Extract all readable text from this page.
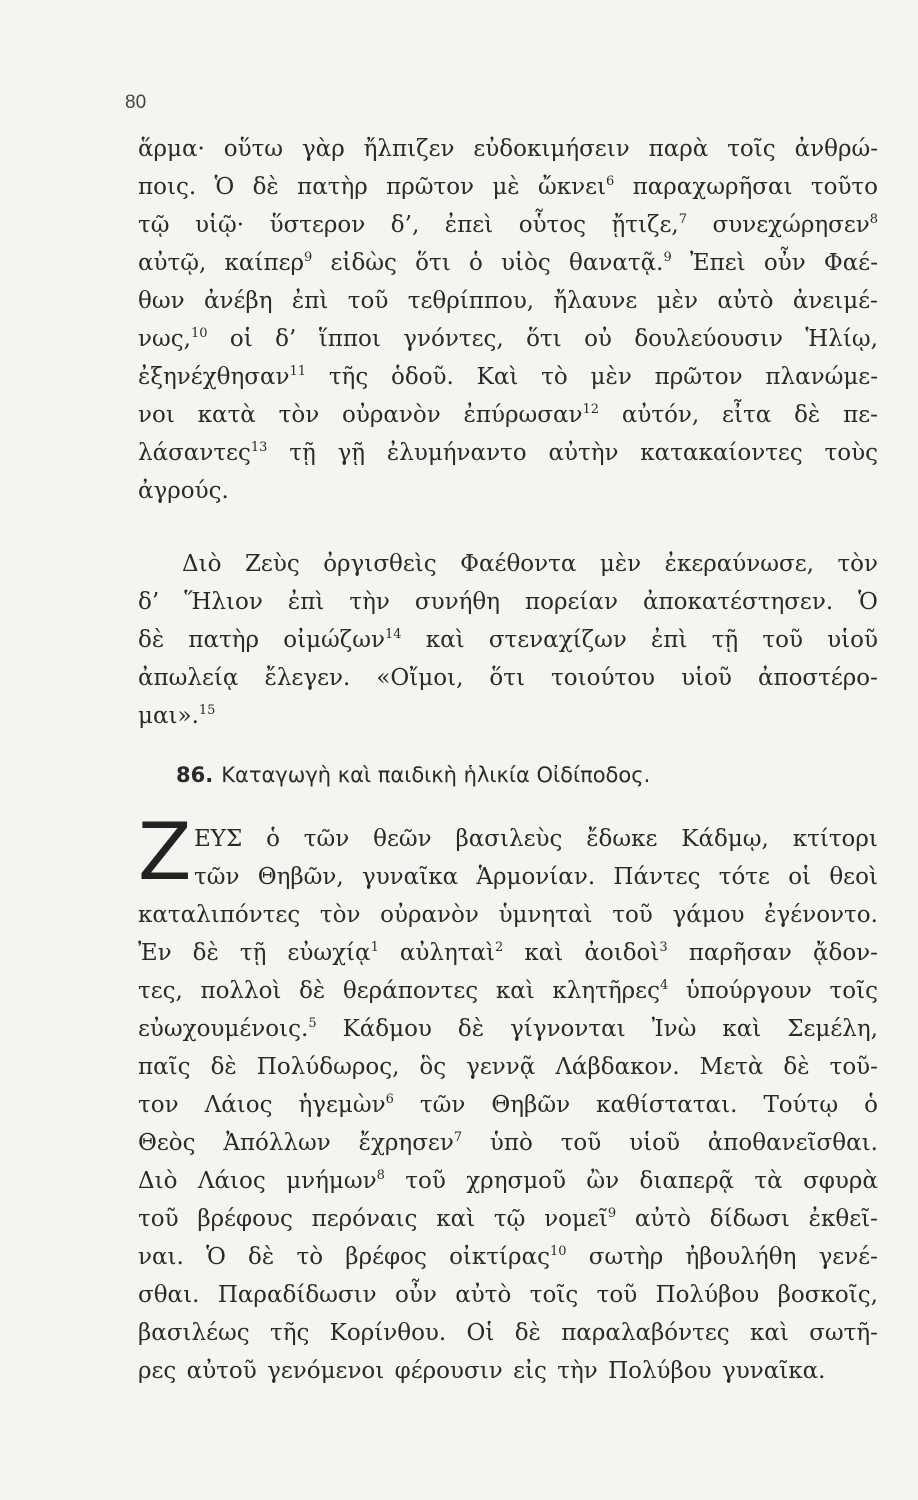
80
ἅρμα· οὕτω γὰρ ἤλπιζεν εὐδοκιμήσειν παρὰ τοῖς ἀνθρώ-
ποις. Ὁ δὲ πατὴρ πρῶτον μὲ ὤκνει$^6$ παραχωρῆσαι τοῦτο
τῷ υἱῷ· ὕστερον δ’, ἐπεὶ οὗτος ᾔτιζε,$^7$ συνεχώρησεν$^8$
αὐτῷ, καίπερ$^9$ εἰδὼς ὅτι ὁ υἱὸς θανατᾷ.$^9$ Ἐπεὶ οὖν Φαέ-
θων ἀνέβη ἐπὶ τοῦ τεθρίππου, ἤλαυνε μὲν αὐτὸ ἀνειμέ-
νως,$^{10}$ οἱ δ’ ἵπποι γνόντες, ὅτι οὐ δουλεύουσιν Ἡλίῳ,
ἐξηνέχθησαν$^{11}$ τῆς ὁδοῦ. Καὶ τὸ μὲν πρῶτον πλανώμε-
νοι κατὰ τὸν οὐρανὸν ἐπύρωσαν$^{12}$ αὐτόν, εἶτα δὲ πε-
λάσαντες$^{13}$ τῇ γῇ ἐλυμήναντο αὐτὴν κατακαίοντες τοὺς
ἀγρούς.
Διὸ Ζεὺς ὀργισθεὶς Φαέθοντα μὲν ἐκεραύνωσε, τὸν
δ’ Ἥλιον ἐπὶ τὴν συνήθη πορείαν ἀποκατέστησεν. Ὁ
δὲ πατὴρ οἰμώζων$^{14}$ καὶ στεναχίζων ἐπὶ τῇ τοῦ υἱοῦ
ἀπωλείᾳ ἔλεγεν. «Οἴμοι, ὅτι τοιούτου υἱοῦ ἀποστέρο-
μαι».$^{15}$
86. Καταγωγὴ καὶ παιδικὴ ἡλικία Οἰδίποδος.
Ζ ΕΥΣ ὁ τῶν θεῶν βασιλεὺς ἔδωκε Κάδμῳ, κτίτορι
τῶν Θηβῶν, γυναῖκα Ἁρμονίαν. Πάντες τότε οἱ θεοὶ
καταλιπόντες τὸν οὐρανὸν ὑμνηταὶ τοῦ γάμου ἐγένοντο.
Ἐν δὲ τῇ εὐωχίᾳ$^1$ αὐληταὶ$^2$ καὶ ἀοιδοὶ$^3$ παρῆσαν ᾄδον-
τες, πολλοὶ δὲ θεράποντες καὶ κλητῆρες$^4$ ὑπούργουν τοῖς
εὐωχουμένοις.$^5$ Κάδμου δὲ γίγνονται Ἰνὼ καὶ Σεμέλη,
παῖς δὲ Πολύδωρος, ὃς γεννᾷ Λάβδακον. Μετὰ δὲ τοῦ-
τον Λάιος ἡγεμὼν$^6$ τῶν Θηβῶν καθίσταται. Τούτῳ ὁ
Θεὸς Ἀπόλλων ἔχρησεν$^7$ ὑπὸ τοῦ υἱοῦ ἀποθανεῖσθαι.
Διὸ Λάιος μνήμων$^8$ τοῦ χρησμοῦ ὢν διαπερᾷ τὰ σφυρὰ
τοῦ βρέφους περόναις καὶ τῷ νομεῖ$^9$ αὐτὸ δίδωσι ἐκθεῖ-
ναι. Ὁ δὲ τὸ βρέφος οἰκτίρας$^{10}$ σωτὴρ ἠβουλήθη γενέ-
σθαι. Παραδίδωσιν οὖν αὐτὸ τοῖς τοῦ Πολύβου βοσκοῖς,
βασιλέως τῆς Κορίνθου. Οἱ δὲ παραλαβόντες καὶ σωτῆ-
ρες αὐτοῦ γενόμενοι φέρουσιν εἰς τὴν Πολύβου γυναῖκα.
